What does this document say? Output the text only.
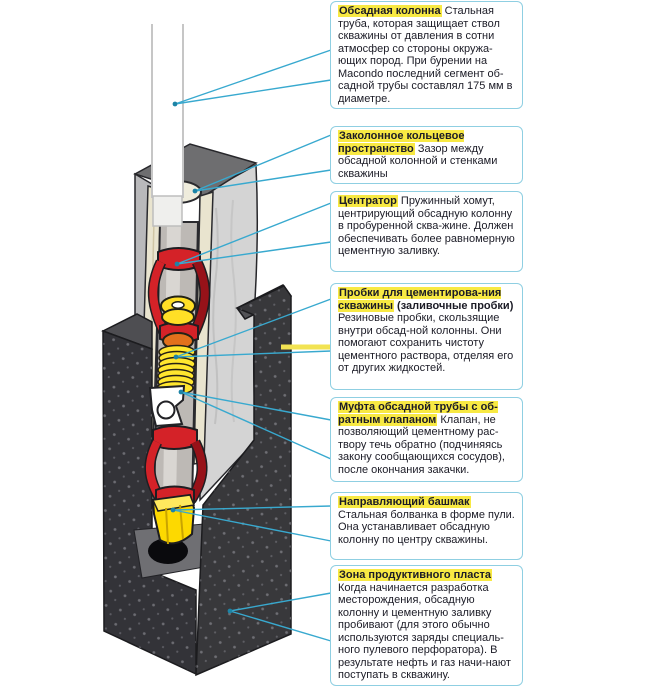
Обсадная колонна Стальная труба, которая защищает ствол скважины от давления в сотни атмосфер со стороны окружа-ющих пород. При бурении на Macondo последний сегмент об-садной трубы составлял 175 мм в диаметре.
Заколонное кольцевое пространство Зазор между обсадной колонной и стенками скважины
Центратор Пружинный хомут, центрирующий обсадную колонну в пробуренной сква-жине. Должен обеспечивать более равномерную цементную заливку.
Пробки для цементирова-ния скважины (заливочные пробки) Резиновые пробки, скользящие внутри обсад-ной колонны. Они помогают сохранить чистоту цементного раствора, отделяя его от других жидкостей.
Муфта обсадной трубы с об-ратным клапаном Клапан, не позволяющий цементному рас-твору течь обратно (подчиняясь закону сообщающихся сосудов), после окончания закачки.
Направляющий башмак
Стальная болванка в форме пули. Она устанавливает обсадную колонну по центру скважины.
Зона продуктивного пласта
Когда начинается разработка месторождения, обсадную колонну и цементную заливку пробивают (для этого обычно используются заряды специаль-ного пулевого перфоратора). В результате нефть и газ начи-нают поступать в скважину.
